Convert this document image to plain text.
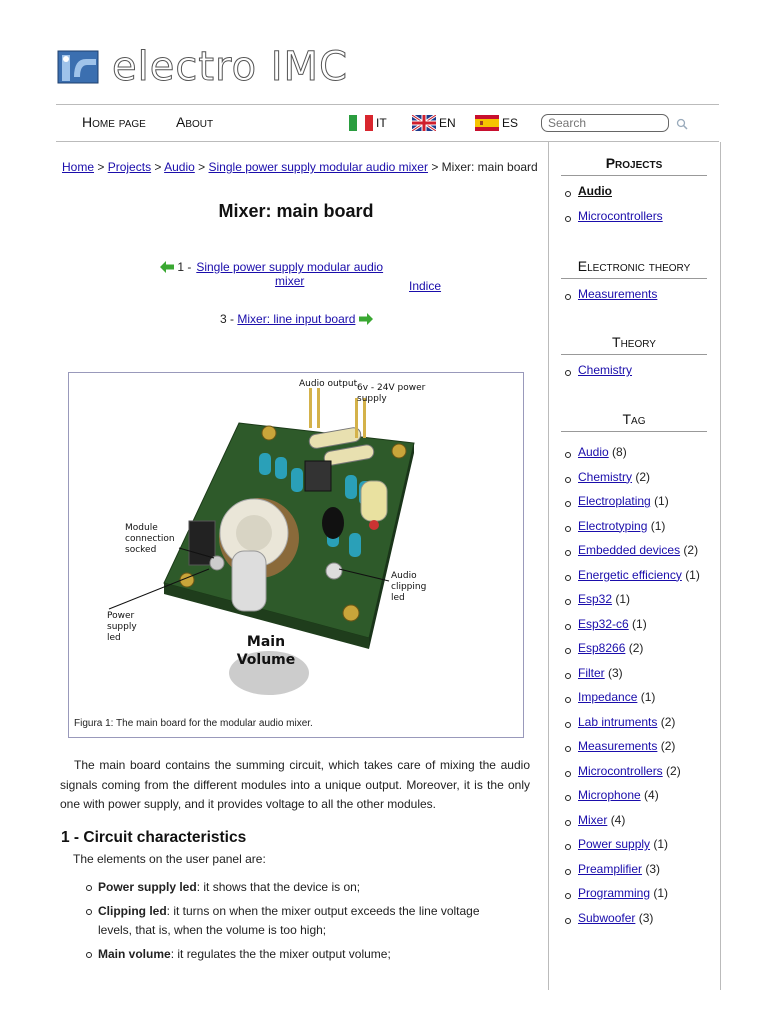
electro IMC
Home page About	IT	EN	ES
Search
Home > Projects > Audio > Single power supply modular audio mixer > Mixer: main board
Mixer: main board
1 - Single power supply modular audio mixer	Indice
3 - Mixer: line input board
Audio output 6v - 24V power supply
Module connection socked
Audio clipping led
Power supply led	Main Volume
Figura 1: The main board for the modular audio mixer.

The main board contains the summing circuit, which takes care of mixing the audio signals coming from the different modules into a unique output. Moreover, it is the only one with power supply, and it provides voltage to all the other modules.

1 - Circuit characteristics
The elements on the user panel are:
Power supply led: it shows that the device is on;
Clipping led: it turns on when the mixer output exceeds the line voltage levels, that is, when the volume is too high;
Main volume: it regulates the the mixer output volume;
Projects
Audio
Microcontrollers
Electronic theory
Measurements
Theory
Chemistry
Tag
Audio (8)
Chemistry (2)
Electroplating (1)
Electrotyping (1)
Embedded devices (2)
Energetic efficiency (1)
Esp32 (1)
Esp32-c6 (1)
Esp8266 (2)
Filter (3)
Impedance (1)
Lab intruments (2)
Measurements (2)
Microcontrollers (2)
Microphone (4)
Mixer (4)
Power supply (1)
Preamplifier (3)
Programming (1)
Subwoofer (3)
